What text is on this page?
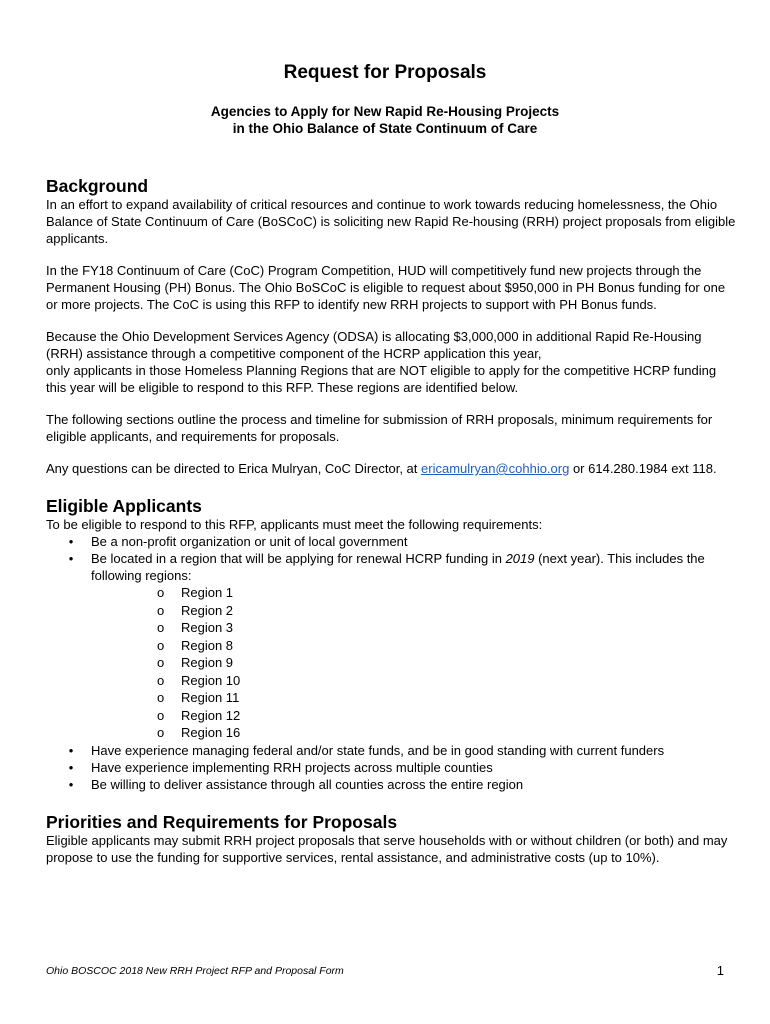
Request for Proposals
Agencies to Apply for New Rapid Re-Housing Projects
in the Ohio Balance of State Continuum of Care
Background

In an effort to expand availability of critical resources and continue to work towards reducing homelessness, the Ohio Balance of State Continuum of Care (BoSCoC) is soliciting new Rapid Re-housing (RRH) project proposals from eligible applicants.

In the FY18 Continuum of Care (CoC) Program Competition, HUD will competitively fund new projects through the Permanent Housing (PH) Bonus. The Ohio BoSCoC is eligible to request about $950,000 in PH Bonus funding for one or more projects. The CoC is using this RFP to identify new RRH projects to support with PH Bonus funds.

Because the Ohio Development Services Agency (ODSA) is allocating $3,000,000 in additional Rapid Re-Housing (RRH) assistance through a competitive component of the HCRP application this year,
only applicants in those Homeless Planning Regions that are NOT eligible to apply for the competitive HCRP funding this year will be eligible to respond to this RFP. These regions are identified below.

The following sections outline the process and timeline for submission of RRH proposals, minimum requirements for eligible applicants, and requirements for proposals.

Any questions can be directed to Erica Mulryan, CoC Director, at ericamulryan@cohhio.org or 614.280.1984 ext 118.

Eligible Applicants

To be eligible to respond to this RFP, applicants must meet the following requirements:

• Be a non-profit organization or unit of local government
• Be located in a region that will be applying for renewal HCRP funding in 2019 (next year). This includes the following regions:
o Region 1
o Region 2
o Region 3
o Region 8
o Region 9
o Region 10
o Region 11
o Region 12
o Region 16
• Have experience managing federal and/or state funds, and be in good standing with current funders
• Have experience implementing RRH projects across multiple counties
• Be willing to deliver assistance through all counties across the entire region
Priorities and Requirements for Proposals

Eligible applicants may submit RRH project proposals that serve households with or without children (or both) and may propose to use the funding for supportive services, rental assistance, and administrative costs (up to 10%).

Ohio BOSCOC 2018 New RRH Project RFP and Proposal Form	1
